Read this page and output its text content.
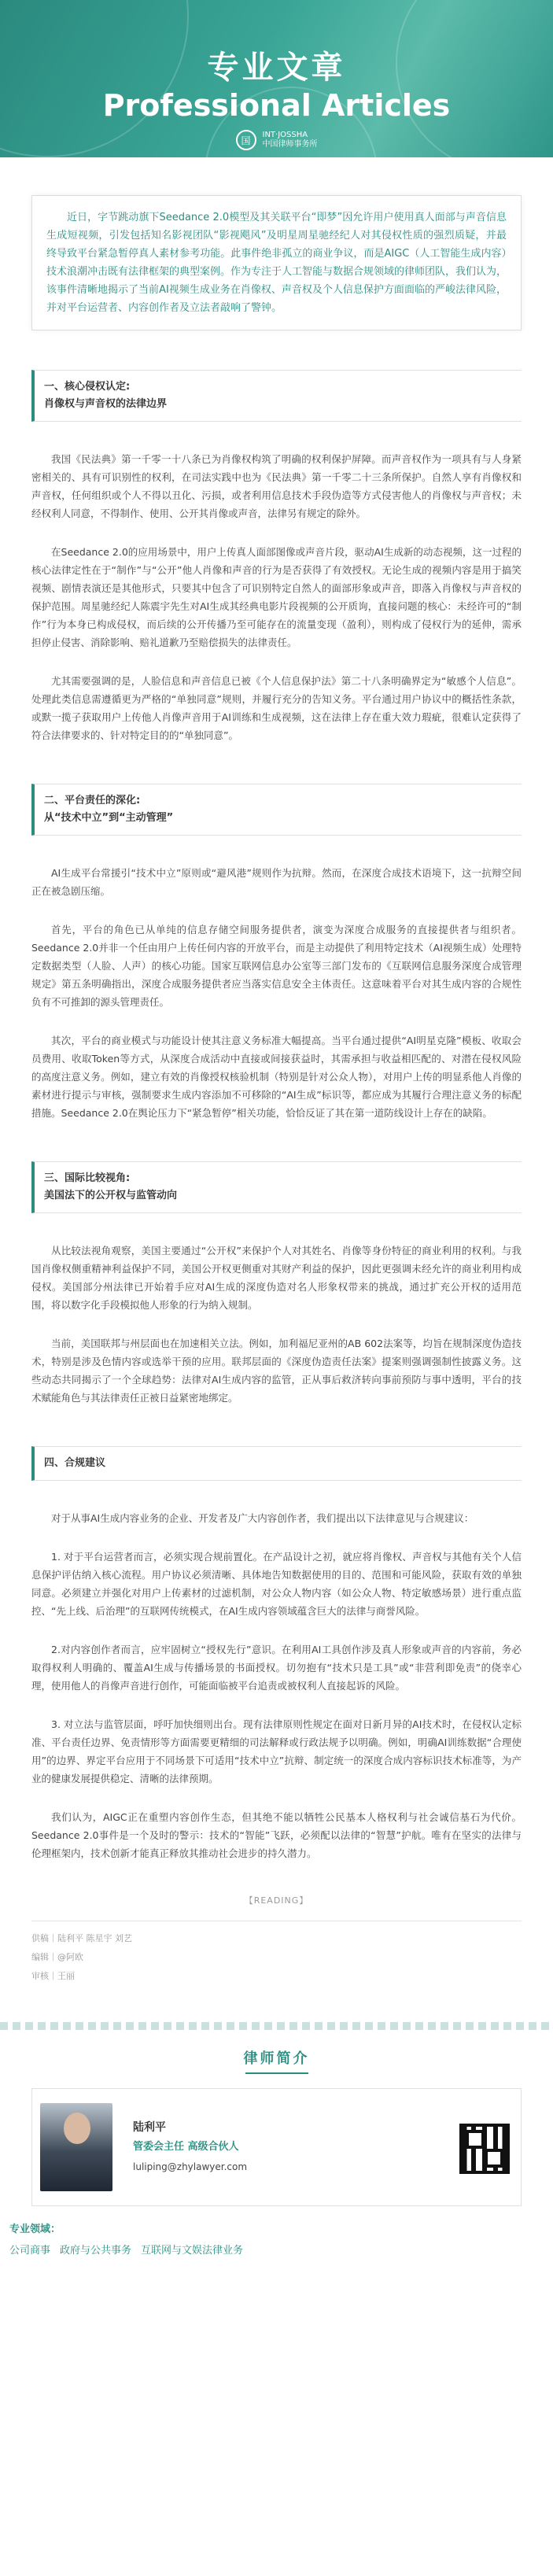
专业文章
Professional Articles
国	INT·JOSSHA
中国律师事务所

近日，字节跳动旗下Seedance 2.0模型及其关联平台“即梦”因允许用户使用真人面部与声音信息生成短视频，引发包括知名影视团队“影视飓风”及明星周星驰经纪人对其侵权性质的强烈质疑，并最终导致平台紧急暂停真人素材参考功能。此事件绝非孤立的商业争议，而是AIGC（人工智能生成内容）技术浪潮冲击既有法律框架的典型案例。作为专注于人工智能与数据合规领域的律师团队，我们认为，该事件清晰地揭示了当前AI视频生成业务在肖像权、声音权及个人信息保护方面面临的严峻法律风险，并对平台运营者、内容创作者及立法者敲响了警钟。

一、核心侵权认定:
肖像权与声音权的法律边界

我国《民法典》第一千零一十八条已为肖像权构筑了明确的权利保护屏障。而声音权作为一项具有与人身紧密相关的、具有可识别性的权利，在司法实践中也为《民法典》第一千零二十三条所保护。自然人享有肖像权和声音权，任何组织或个人不得以丑化、污损，或者利用信息技术手段伪造等方式侵害他人的肖像权与声音权；未经权利人同意，不得制作、使用、公开其肖像或声音，法律另有规定的除外。

在Seedance 2.0的应用场景中，用户上传真人面部图像或声音片段，驱动AI生成新的动态视频，这一过程的核心法律定性在于“制作”与“公开”他人肖像和声音的行为是否获得了有效授权。无论生成的视频内容是用于搞笑视频、剧情表演还是其他形式，只要其中包含了可识别特定自然人的面部形象或声音，即落入肖像权与声音权的保护范围。周星驰经纪人陈震宇先生对AI生成其经典电影片段视频的公开质询，直接问题的核心：未经许可的“制作”行为本身已构成侵权，而后续的公开传播乃至可能存在的流量变现（盈利），则构成了侵权行为的延伸，需承担停止侵害、消除影响、赔礼道歉乃至赔偿损失的法律责任。

尤其需要强调的是，人脸信息和声音信息已被《个人信息保护法》第二十八条明确界定为“敏感个人信息”。处理此类信息需遵循更为严格的“单独同意”规则，并履行充分的告知义务。平台通过用户协议中的概括性条款，或默一揽子获取用户上传他人肖像声音用于AI训练和生成视频，这在法律上存在重大效力瑕疵，很难认定获得了符合法律要求的、针对特定目的的“单独同意”。

二、平台责任的深化:
从“技术中立”到“主动管理”

AI生成平台常援引“技术中立”原则或“避风港”规则作为抗辩。然而，在深度合成技术语境下，这一抗辩空间正在被急剧压缩。

首先，平台的角色已从单纯的信息存储空间服务提供者，演变为深度合成服务的直接提供者与组织者。Seedance 2.0并非一个任由用户上传任何内容的开放平台，而是主动提供了利用特定技术（AI视频生成）处理特定数据类型（人脸、人声）的核心功能。国家互联网信息办公室等三部门发布的《互联网信息服务深度合成管理规定》第五条明确指出，深度合成服务提供者应当落实信息安全主体责任。这意味着平台对其生成内容的合规性负有不可推卸的源头管理责任。

其次，平台的商业模式与功能设计使其注意义务标准大幅提高。当平台通过提供“AI明星克隆”模板、收取会员费用、收取Token等方式，从深度合成活动中直接或间接获益时，其需承担与收益相匹配的、对潜在侵权风险的高度注意义务。例如，建立有效的肖像授权核验机制（特别是针对公众人物），对用户上传的明显系他人肖像的素材进行提示与审核，强制要求生成内容添加不可移除的“AI生成”标识等，都应成为其履行合理注意义务的标配措施。Seedance 2.0在舆论压力下“紧急暂停”相关功能，恰恰反证了其在第一道防线设计上存在的缺陷。

三、国际比较视角:
美国法下的公开权与监管动向

从比较法视角观察，美国主要通过“公开权”来保护个人对其姓名、肖像等身份特征的商业利用的权利。与我国肖像权侧重精神利益保护不同，美国公开权更侧重对其财产利益的保护，因此更强调未经允许的商业利用构成侵权。美国部分州法律已开始着手应对AI生成的深度伪造对名人形象权带来的挑战，通过扩充公开权的适用范围，将以数字化手段模拟他人形象的行为纳入规制。

当前，美国联邦与州层面也在加速相关立法。例如，加利福尼亚州的AB 602法案等，均旨在规制深度伪造技术，特别是涉及色情内容或选举干预的应用。联邦层面的《深度伪造责任法案》提案则强调强制性披露义务。这些动态共同揭示了一个全球趋势：法律对AI生成内容的监管，正从事后救济转向事前预防与事中透明，平台的技术赋能角色与其法律责任正被日益紧密地绑定。

四、合规建议

对于从事AI生成内容业务的企业、开发者及广大内容创作者，我们提出以下法律意见与合规建议：

1. 对于平台运营者而言，必须实现合规前置化。在产品设计之初，就应将肖像权、声音权与其他有关个人信息保护评估纳入核心流程。用户协议必须清晰、具体地告知数据使用的目的、范围和可能风险，获取有效的单独同意。必须建立并强化对用户上传素材的过滤机制，对公众人物内容（如公众人物、特定敏感场景）进行重点监控、“先上线、后治理”的互联网传统模式，在AI生成内容领域蕴含巨大的法律与商誉风险。

2.对内容创作者而言，应牢固树立“授权先行”意识。在利用AI工具创作涉及真人形象或声音的内容前，务必取得权利人明确的、覆盖AI生成与传播场景的书面授权。切勿抱有“技术只是工具”或“非营利即免责”的侥幸心理，使用他人的肖像声音进行创作，可能面临被平台追责或被权利人直接起诉的风险。

3. 对立法与监管层面，呼吁加快细则出台。现有法律原则性规定在面对日新月异的AI技术时，在侵权认定标准、平台责任边界、免责情形等方面需要更精细的司法解释或行政法规予以明确。例如，明确AI训练数据“合理使用”的边界、界定平台应用于不同场景下可适用“技术中立”抗辩、制定统一的深度合成内容标识技术标准等，为产业的健康发展提供稳定、清晰的法律预期。

我们认为，AIGC正在重塑内容创作生态，但其绝不能以牺牲公民基本人格权利与社会诚信基石为代价。Seedance 2.0事件是一个及时的警示：技术的“智能”飞跃，必须配以法律的“智慧”护航。唯有在坚实的法律与伦理框架内，技术创新才能真正释放其推动社会进步的持久潜力。

【READING】
供稿｜陆利平 陈星宇 刘艺
编辑｜@阿欧
审核｜王丽
律师简介
陆利平
管委会主任 高级合伙人
luliping@zhylawyer.com
专业领域：
公司商事 政府与公共事务 互联网与文娱法律业务
